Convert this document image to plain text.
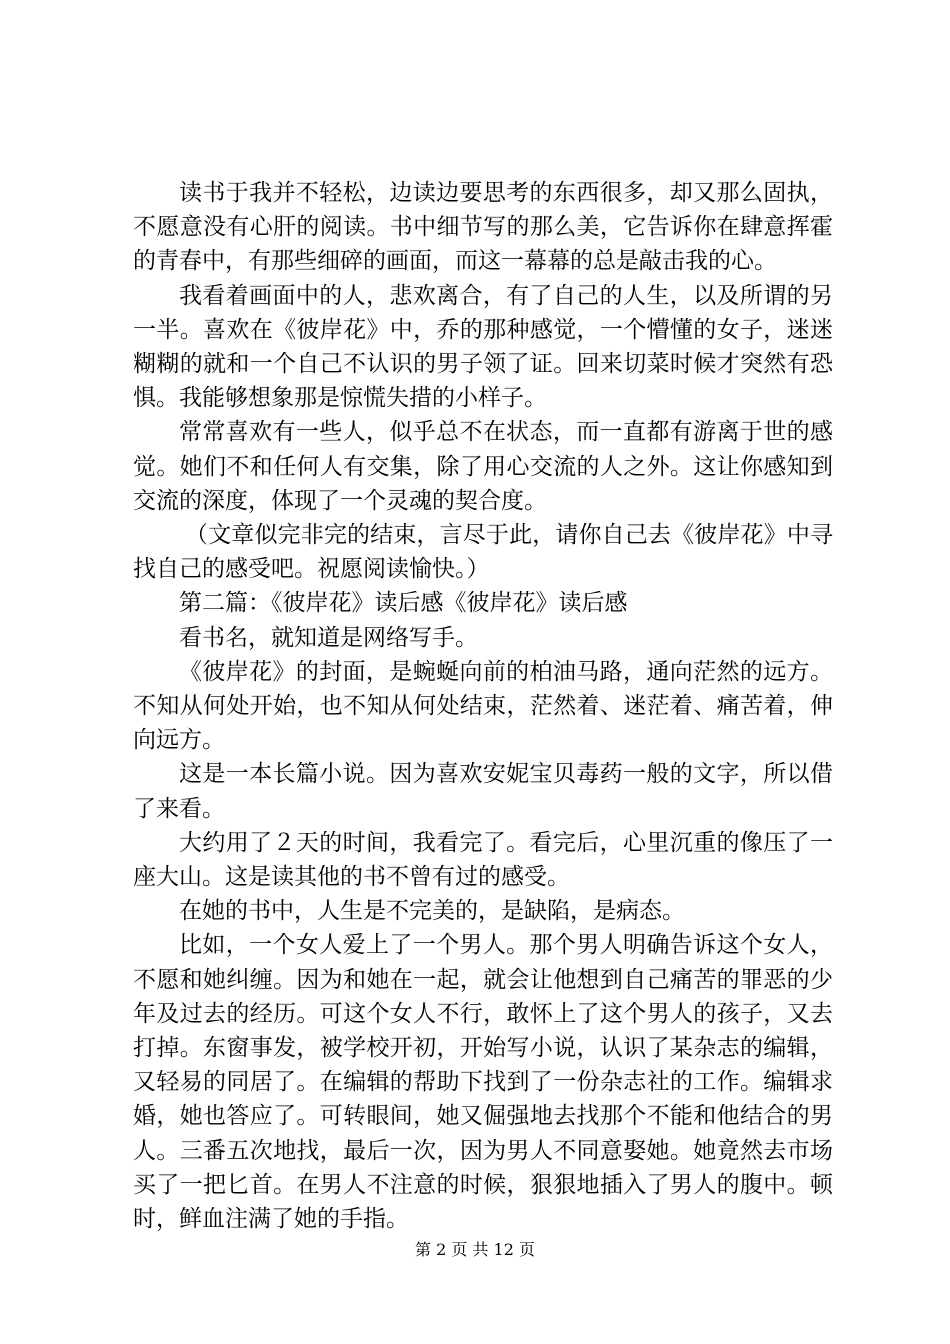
读书于我并不轻松，边读边要思考的东西很多，却又那么固执，不愿意没有心肝的阅读。书中细节写的那么美，它告诉你在肆意挥霍的青春中，有那些细碎的画面，而这一幕幕的总是敲击我的心。

我看着画面中的人，悲欢离合，有了自己的人生，以及所谓的另一半。喜欢在《彼岸花》中，乔的那种感觉，一个懵懂的女子，迷迷糊糊的就和一个自己不认识的男子领了证。回来切菜时候才突然有恐惧。我能够想象那是惊慌失措的小样子。

常常喜欢有一些人，似乎总不在状态，而一直都有游离于世的感觉。她们不和任何人有交集，除了用心交流的人之外。这让你感知到交流的深度，体现了一个灵魂的契合度。

（文章似完非完的结束，言尽于此，请你自己去《彼岸花》中寻找自己的感受吧。祝愿阅读愉快。）

第二篇：《彼岸花》读后感《彼岸花》读后感

看书名，就知道是网络写手。

《彼岸花》的封面，是蜿蜒向前的柏油马路，通向茫然的远方。不知从何处开始，也不知从何处结束，茫然着、迷茫着、痛苦着，伸向远方。

这是一本长篇小说。因为喜欢安妮宝贝毒药一般的文字，所以借了来看。

大约用了２天的时间，我看完了。看完后，心里沉重的像压了一座大山。这是读其他的书不曾有过的感受。

在她的书中，人生是不完美的，是缺陷，是病态。

比如，一个女人爱上了一个男人。那个男人明确告诉这个女人，不愿和她纠缠。因为和她在一起，就会让他想到自己痛苦的罪恶的少年及过去的经历。可这个女人不行，敢怀上了这个男人的孩子，又去打掉。东窗事发，被学校开初，开始写小说，认识了某杂志的编辑，又轻易的同居了。在编辑的帮助下找到了一份杂志社的工作。编辑求婚，她也答应了。可转眼间，她又倔强地去找那个不能和他结合的男人。三番五次地找，最后一次，因为男人不同意娶她。她竟然去市场买了一把匕首。在男人不注意的时候，狠狠地插入了男人的腹中。顿时，鲜血注满了她的手指。

第 2 页 共 12 页
